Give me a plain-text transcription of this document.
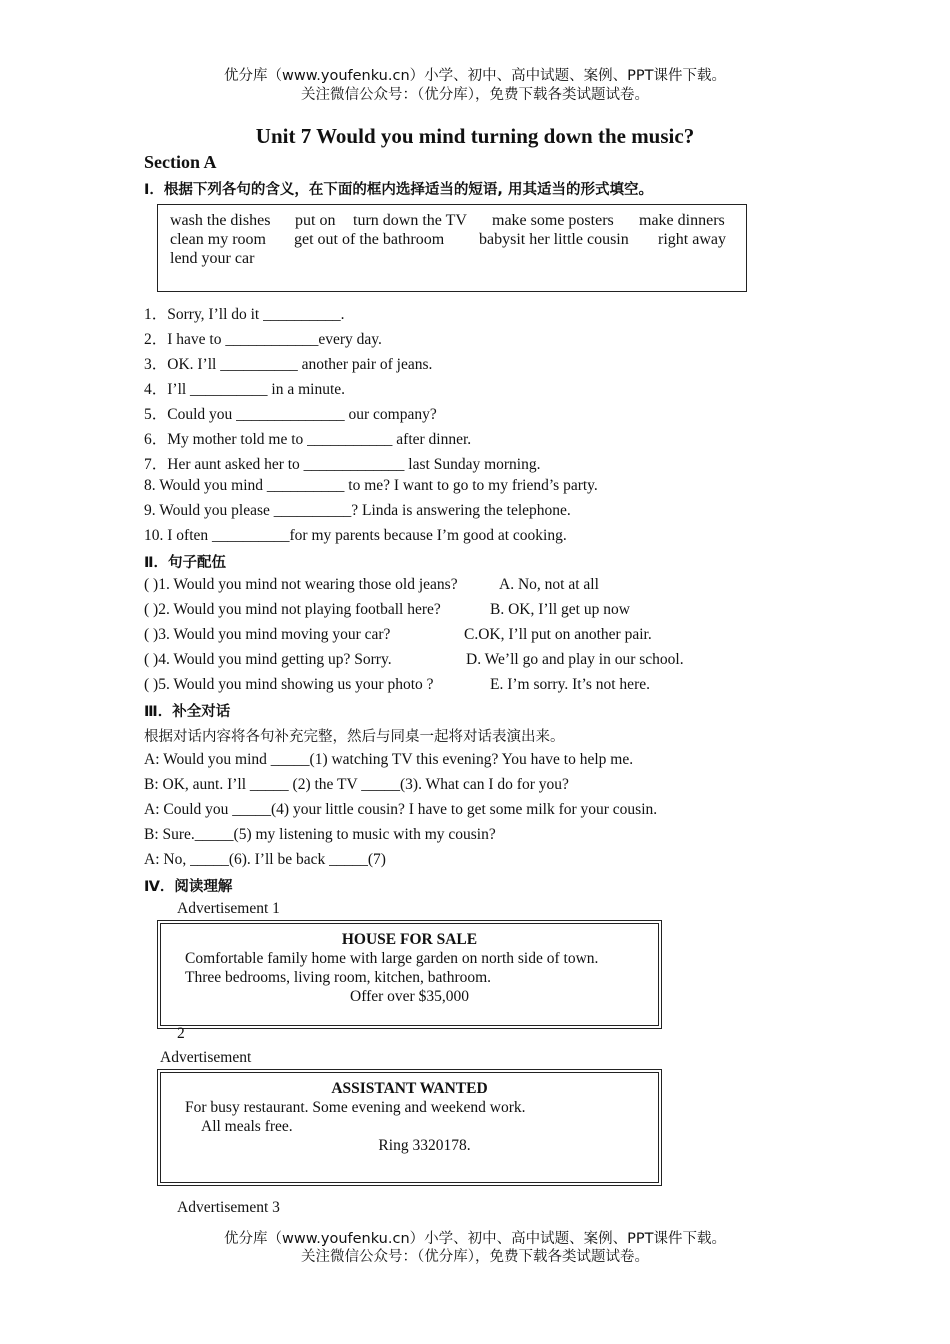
优分库（www.youfenku.cn）小学、初中、高中试题、案例、PPT课件下载。
关注微信公众号：（优分库），免费下载各类试题试卷。
Unit 7 Would you mind turning down the music?
Section A
Ⅰ．根据下列各句的含义，在下面的框内选择适当的短语, 用其适当的形式填空。
wash the dishes put on turn down the TV make some posters make dinners
clean my room get out of the bathroom babysit her little cousin right away
lend your car
1．Sorry, I’ll do it __________.
2．I have to ____________every day.
3．OK. I’ll __________ another pair of jeans.
4．I’ll __________ in a minute.
5．Could you ______________ our company?
6．My mother told me to ___________ after dinner.
7．Her aunt asked her to _____________ last Sunday morning.
8. Would you mind __________ to me? I want to go to my friend’s party.
9. Would you please __________? Linda is answering the telephone.
10. I often __________for my parents because I’m good at cooking.
Ⅱ．句子配伍
( )1. Would you mind not wearing those old jeans?	A. No, not at all
( )2. Would you mind not playing football here?	B. OK, I’ll get up now
( )3. Would you mind moving your car?	C.OK, I’ll put on another pair.
( )4. Would you mind getting up? Sorry.	D. We’ll go and play in our school.
( )5. Would you mind showing us your photo ?	E. I’m sorry. It’s not here.
Ⅲ．补全对话
根据对话内容将各句补充完整，然后与同桌一起将对话表演出来。
A: Would you mind _____(1) watching TV this evening? You have to help me.
B: OK, aunt. I’ll _____ (2) the TV _____(3). What can I do for you?
A: Could you _____(4) your little cousin? I have to get some milk for your cousin.
B: Sure._____(5) my listening to music with my cousin?
A: No, _____(6). I’ll be back _____(7)
Ⅳ．阅读理解
Advertisement 1
HOUSE FOR SALE
Comfortable family home with large garden on north side of town.
Three bedrooms, living room, kitchen, bathroom.
Offer over $35,000
2
Advertisement
ASSISTANT WANTED
For busy restaurant. Some evening and weekend work.
All meals free.
Ring 3320178.
Advertisement 3
优分库（www.youfenku.cn）小学、初中、高中试题、案例、PPT课件下载。
关注微信公众号：（优分库），免费下载各类试题试卷。
